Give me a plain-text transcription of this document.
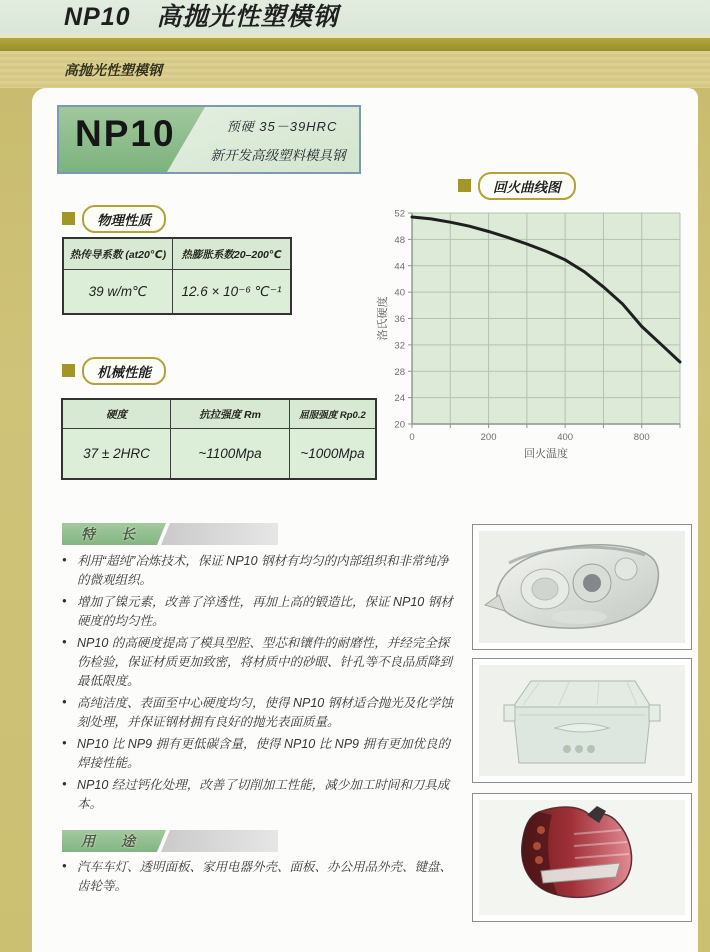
NP10　高抛光性塑模钢
高抛光性塑模钢
NP10	预硬 35－39HRC
新开发高级塑料模具钢
物理性质
热传导系数 (at20℃)	热膨胀系数20–200℃
39 w/m℃	12.6 × 10⁻⁶ ℃⁻¹
机械性能
硬度	抗拉强度 Rm	屈服强度 Rp0.2
37 ± 2HRC	~1100Mpa	~1000Mpa
回火曲线图
20
24
28
32
36
40
44
48
52
0	200	400	800
回火温度
洛氏硬度
特　长
● 利用“超纯”冶炼技术，保证 NP10 钢材有均匀的内部组织和非常纯净的微观组织。
● 增加了镍元素，改善了淬透性，再加上高的锻造比，保证 NP10 钢材硬度的均匀性。
● NP10 的高硬度提高了模具型腔、型芯和镶件的耐磨性，并经完全探伤检验，保证材质更加致密，将材质中的砂眼、针孔等不良品质降到最低限度。
● 高纯洁度、表面至中心硬度均匀，使得 NP10 钢材适合抛光及化学蚀刻处理，并保证钢材拥有良好的抛光表面质量。
● NP10 比 NP9 拥有更低碳含量，使得 NP10 比 NP9 拥有更加优良的焊接性能。
● NP10 经过钙化处理，改善了切削加工性能，减少加工时间和刀具成本。
用　途
● 汽车车灯、透明面板、家用电器外壳、面板、办公用品外壳、键盘、齿轮等。
